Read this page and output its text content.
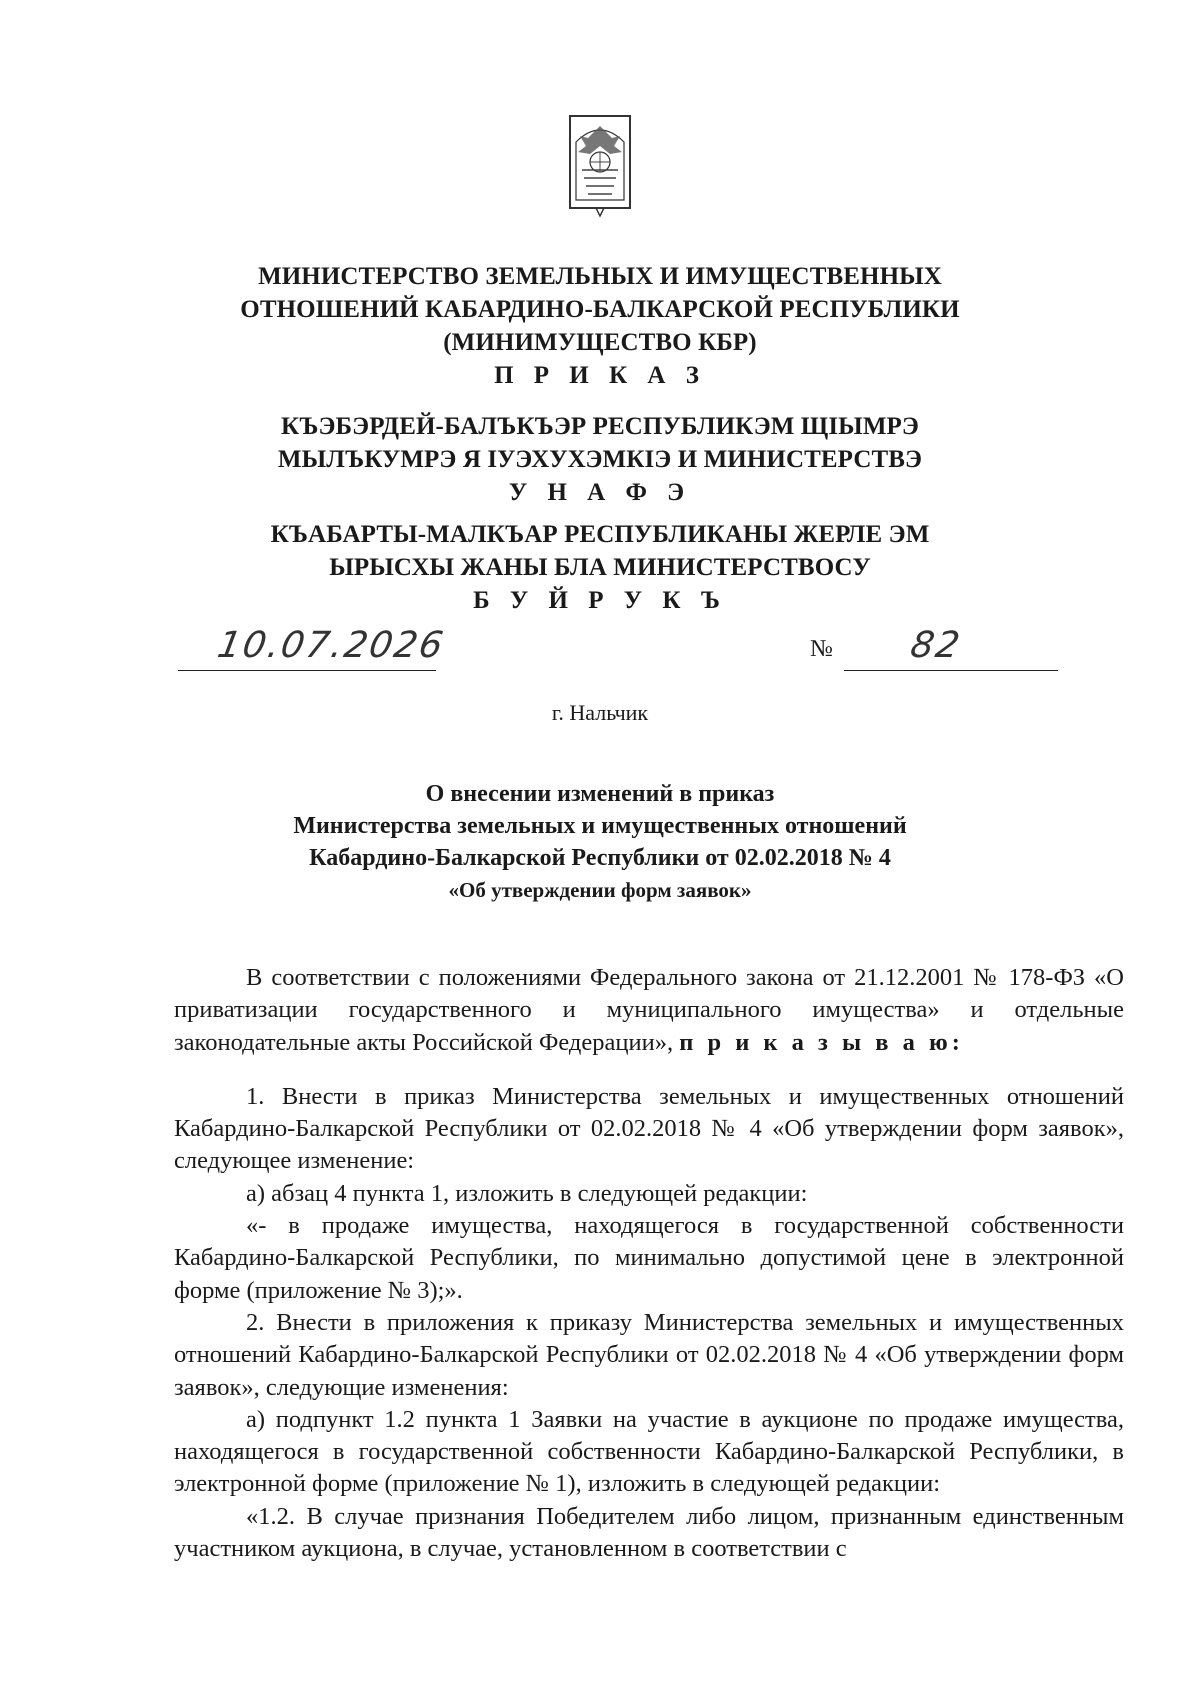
МИНИСТЕРСТВО ЗЕМЕЛЬНЫХ И ИМУЩЕСТВЕННЫХ
ОТНОШЕНИЙ КАБАРДИНО-БАЛКАРСКОЙ РЕСПУБЛИКИ
(МИНИМУЩЕСТВО КБР)
П Р И К А З
КЪЭБЭРДЕЙ-БАЛЪКЪЭР РЕСПУБЛИКЭМ ЩIЫМРЭ
МЫЛЪКУМРЭ Я IУЭХУХЭМКIЭ И МИНИСТЕРСТВЭ
У Н А Ф Э
КЪАБАРТЫ-МАЛКЪАР РЕСПУБЛИКАНЫ ЖЕРЛЕ ЭМ
ЫРЫСХЫ ЖАНЫ БЛА МИНИСТЕРСТВОСУ
Б У Й Р У К Ъ
10.07.2026	№	82
г. Нальчик
О внесении изменений в приказ
Министерства земельных и имущественных отношений
Кабардино-Балкарской Республики от 02.02.2018 № 4
«Об утверждении форм заявок»

В соответствии с положениями Федерального закона от 21.12.2001 № 178-ФЗ «О приватизации государственного и муниципального имущества» и отдельные законодательные акты Российской Федерации», п р и к а з ы в а ю:

1. Внести в приказ Министерства земельных и имущественных отношений Кабардино-Балкарской Республики от 02.02.2018 № 4 «Об утверждении форм заявок», следующее изменение:

а) абзац 4 пункта 1, изложить в следующей редакции:

«- в продаже имущества, находящегося в государственной собственности Кабардино-Балкарской Республики, по минимально допустимой цене в электронной форме (приложение № 3);».

2. Внести в приложения к приказу Министерства земельных и имущественных отношений Кабардино-Балкарской Республики от 02.02.2018 № 4 «Об утверждении форм заявок», следующие изменения:

а) подпункт 1.2 пункта 1 Заявки на участие в аукционе по продаже имущества, находящегося в государственной собственности Кабардино-Балкарской Республики, в электронной форме (приложение № 1), изложить в следующей редакции:

«1.2. В случае признания Победителем либо лицом, признанным единственным участником аукциона, в случае, установленном в соответствии с
